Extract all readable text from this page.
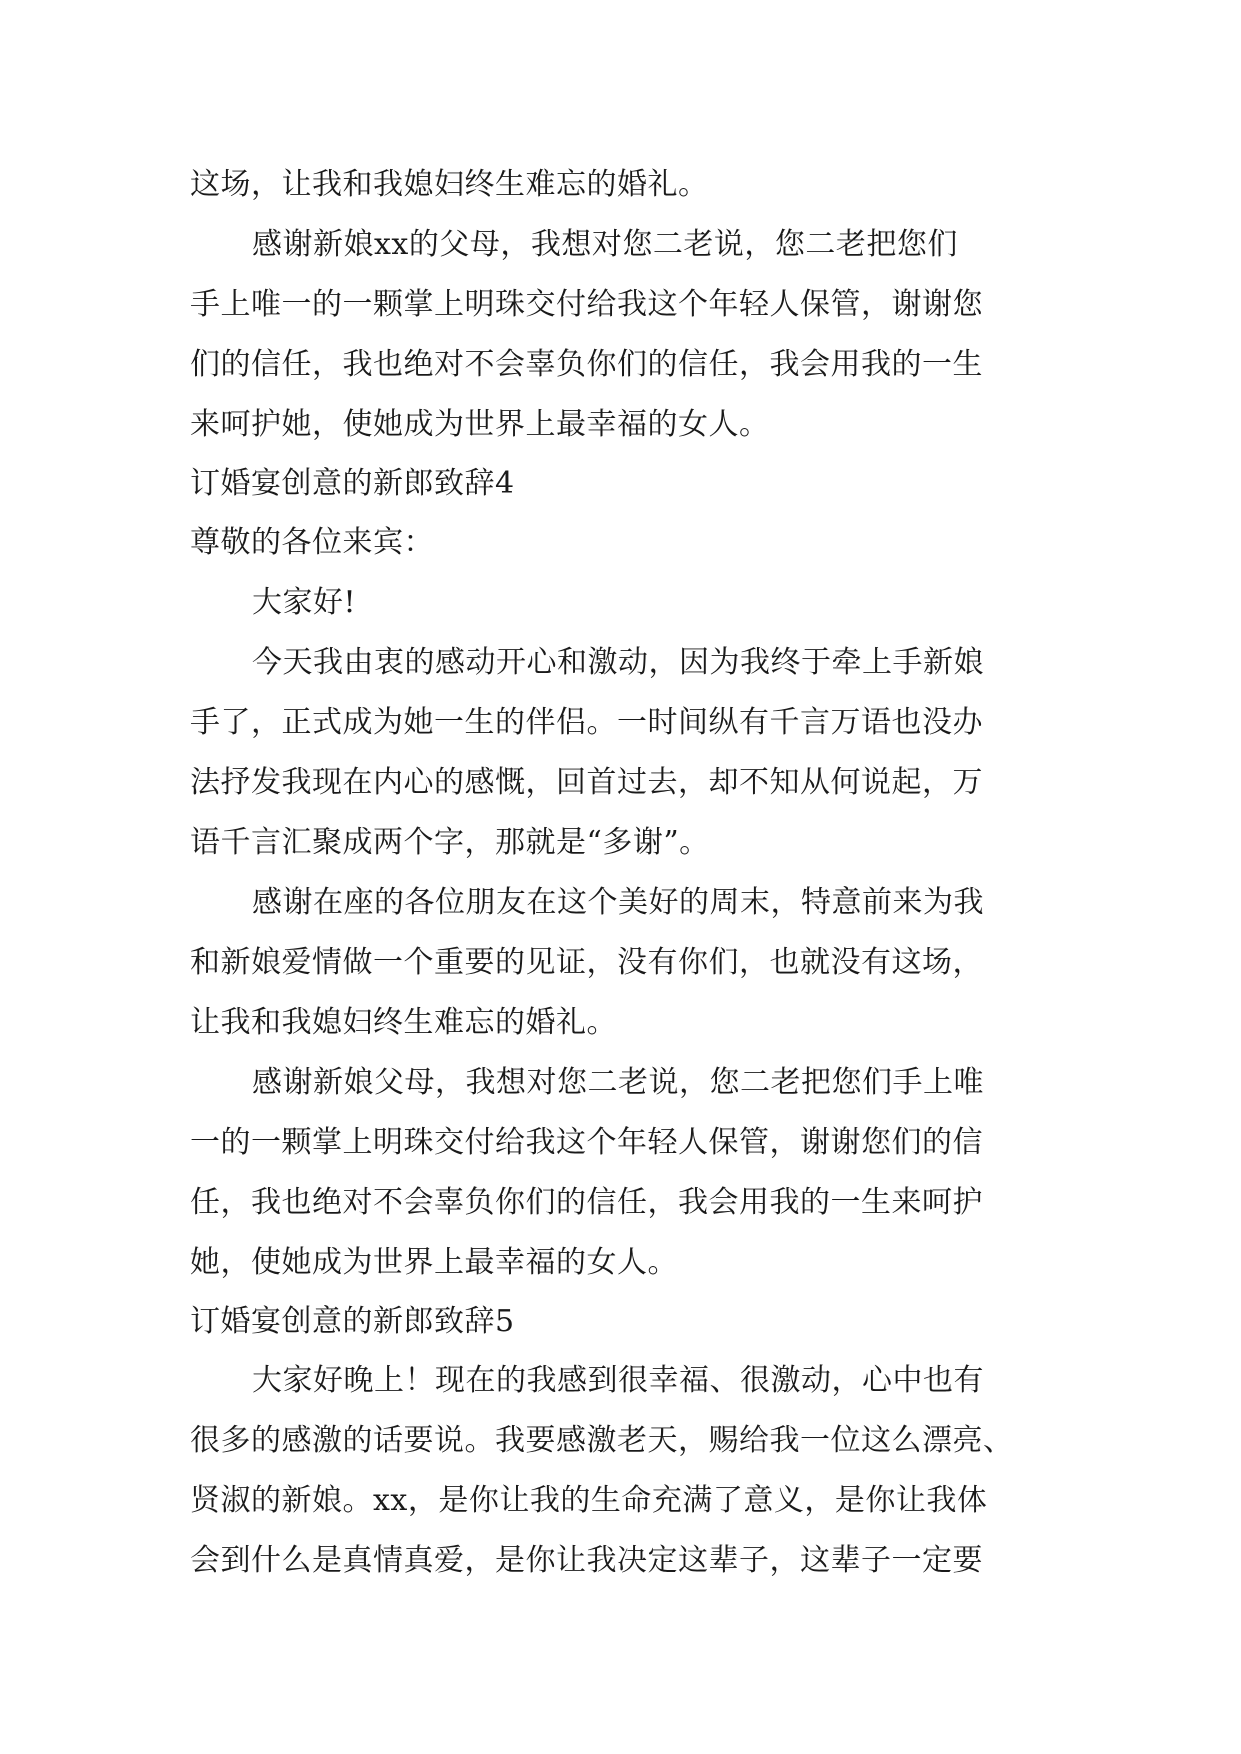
这场，让我和我媳妇终生难忘的婚礼。
感谢新娘xx的父母，我想对您二老说，您二老把您们
手上唯一的一颗掌上明珠交付给我这个年轻人保管，谢谢您
们的信任，我也绝对不会辜负你们的信任，我会用我的一生
来呵护她，使她成为世界上最幸福的女人。
订婚宴创意的新郎致辞4
尊敬的各位来宾：
大家好!
今天我由衷的感动开心和激动，因为我终于牵上手新娘
手了，正式成为她一生的伴侣。一时间纵有千言万语也没办
法抒发我现在内心的感慨，回首过去，却不知从何说起，万
语千言汇聚成两个字，那就是“多谢”。
感谢在座的各位朋友在这个美好的周末，特意前来为我
和新娘爱情做一个重要的见证，没有你们，也就没有这场，
让我和我媳妇终生难忘的婚礼。
感谢新娘父母，我想对您二老说，您二老把您们手上唯
一的一颗掌上明珠交付给我这个年轻人保管，谢谢您们的信
任，我也绝对不会辜负你们的信任，我会用我的一生来呵护
她，使她成为世界上最幸福的女人。
订婚宴创意的新郎致辞5
大家好晚上！现在的我感到很幸福、很激动，心中也有
很多的感激的话要说。我要感激老天，赐给我一位这么漂亮、
贤淑的新娘。xx，是你让我的生命充满了意义，是你让我体
会到什么是真情真爱，是你让我决定这辈子，这辈子一定要
